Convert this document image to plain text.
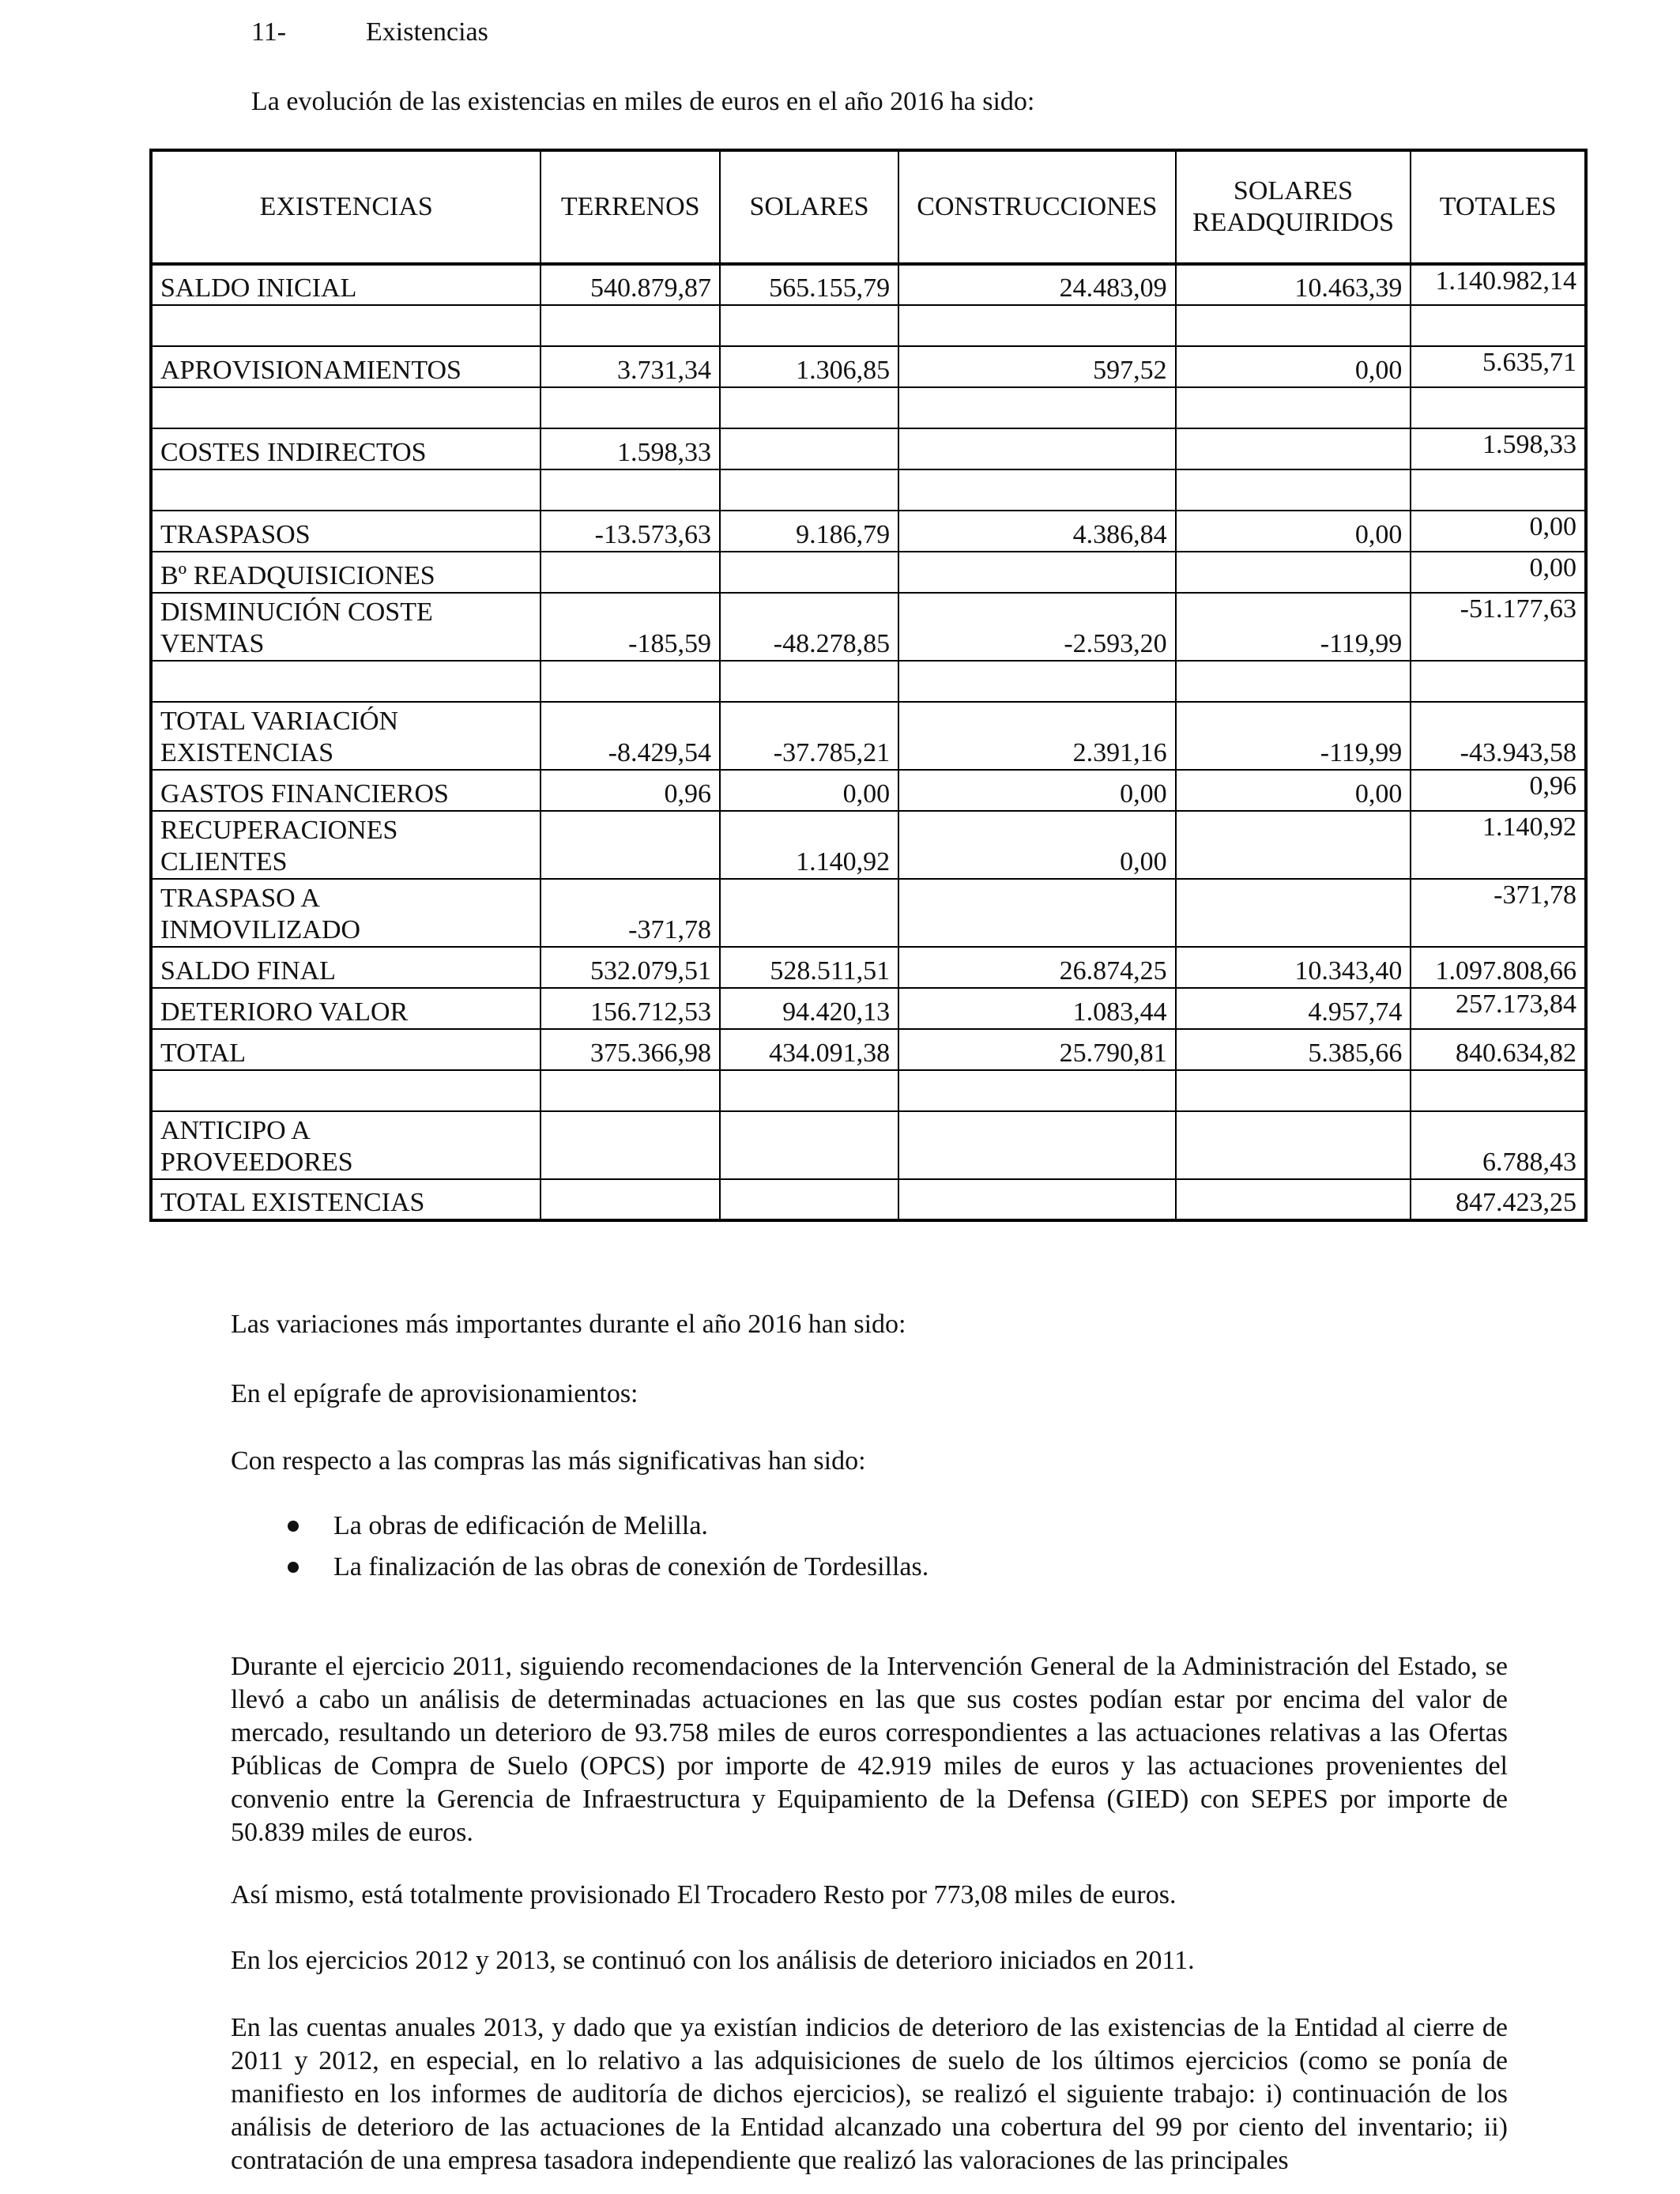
11-	Existencias
La evolución de las existencias en miles de euros en el año 2016 ha sido:
EXISTENCIAS	TERRENOS	SOLARES	CONSTRUCCIONES	SOLARES READQUIRIDOS	TOTALES
SALDO INICIAL	540.879,87	565.155,79	24.483,09	10.463,39	1.140.982,14

APROVISIONAMIENTOS	3.731,34	1.306,85	597,52	0,00	5.635,71

COSTES INDIRECTOS	1.598,33				1.598,33

TRASPASOS	-13.573,63	9.186,79	4.386,84	0,00	0,00
Bº READQUISICIONES					0,00
DISMINUCIÓN COSTE
VENTAS	-185,59	-48.278,85	-2.593,20	-119,99	-51.177,63

TOTAL VARIACIÓN
EXISTENCIAS	-8.429,54	-37.785,21	2.391,16	-119,99	-43.943,58
GASTOS FINANCIEROS	0,96	0,00	0,00	0,00	0,96
RECUPERACIONES
CLIENTES		1.140,92	0,00		1.140,92
TRASPASO A
INMOVILIZADO	-371,78				-371,78
SALDO FINAL	532.079,51	528.511,51	26.874,25	10.343,40	1.097.808,66
DETERIORO VALOR	156.712,53	94.420,13	1.083,44	4.957,74	257.173,84
TOTAL	375.366,98	434.091,38	25.790,81	5.385,66	840.634,82

ANTICIPO A
PROVEEDORES					6.788,43
TOTAL EXISTENCIAS					847.423,25
Las variaciones más importantes durante el año 2016 han sido:
En el epígrafe de aprovisionamientos:
Con respecto a las compras las más significativas han sido:
La obras de edificación de Melilla.
La finalización de las obras de conexión de Tordesillas.
Durante el ejercicio 2011, siguiendo recomendaciones de la Intervención General de la Administración del Estado, se llevó a cabo un análisis de determinadas actuaciones en las que sus costes podían estar por encima del valor de mercado, resultando un deterioro de 93.758 miles de euros correspondientes a las actuaciones relativas a las Ofertas Públicas de Compra de Suelo (OPCS) por importe de 42.919 miles de euros y las actuaciones provenientes del convenio entre la Gerencia de Infraestructura y Equipamiento de la Defensa (GIED) con SEPES por importe de 50.839 miles de euros.
Así mismo, está totalmente provisionado El Trocadero Resto por 773,08 miles de euros.
En los ejercicios 2012 y 2013, se continuó con los análisis de deterioro iniciados en 2011.
En las cuentas anuales 2013, y dado que ya existían indicios de deterioro de las existencias de la Entidad al cierre de 2011 y 2012, en especial, en lo relativo a las adquisiciones de suelo de los últimos ejercicios (como se ponía de manifiesto en los informes de auditoría de dichos ejercicios), se realizó el siguiente trabajo: i) continuación de los análisis de deterioro de las actuaciones de la Entidad alcanzado una cobertura del 99 por ciento del inventario; ii) contratación de una empresa tasadora independiente que realizó las valoraciones de las principales
